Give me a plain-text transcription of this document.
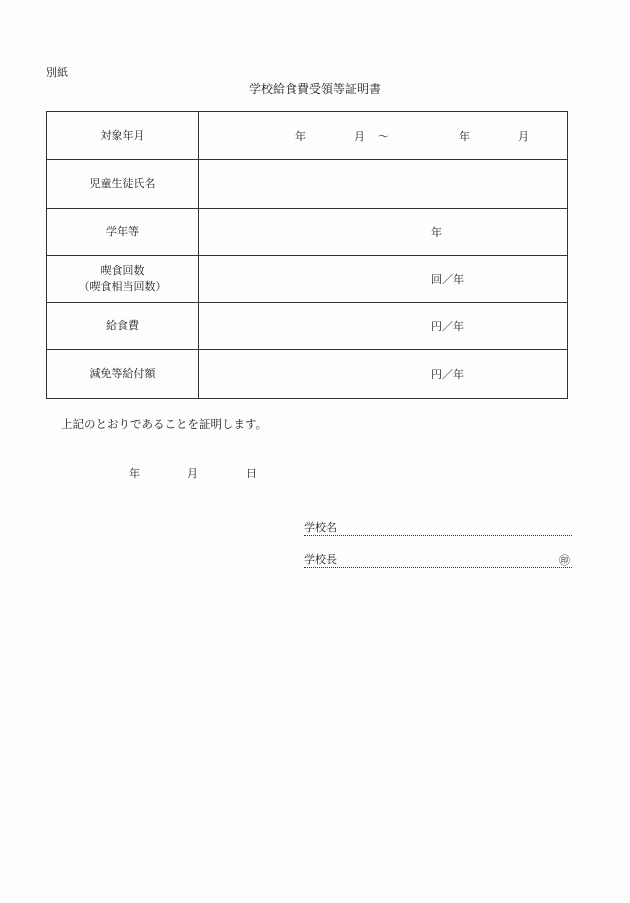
別紙
学校給食費受領等証明書
対象年月	年 月 〜 年 月

児童生徒氏名	
学年等	年

喫食回数
（喫食相当回数）	回／年

給食費	円／年

減免等給付額	円／年
上記のとおりであることを証明します。
年	月	日
学校名
学校長	㊞
